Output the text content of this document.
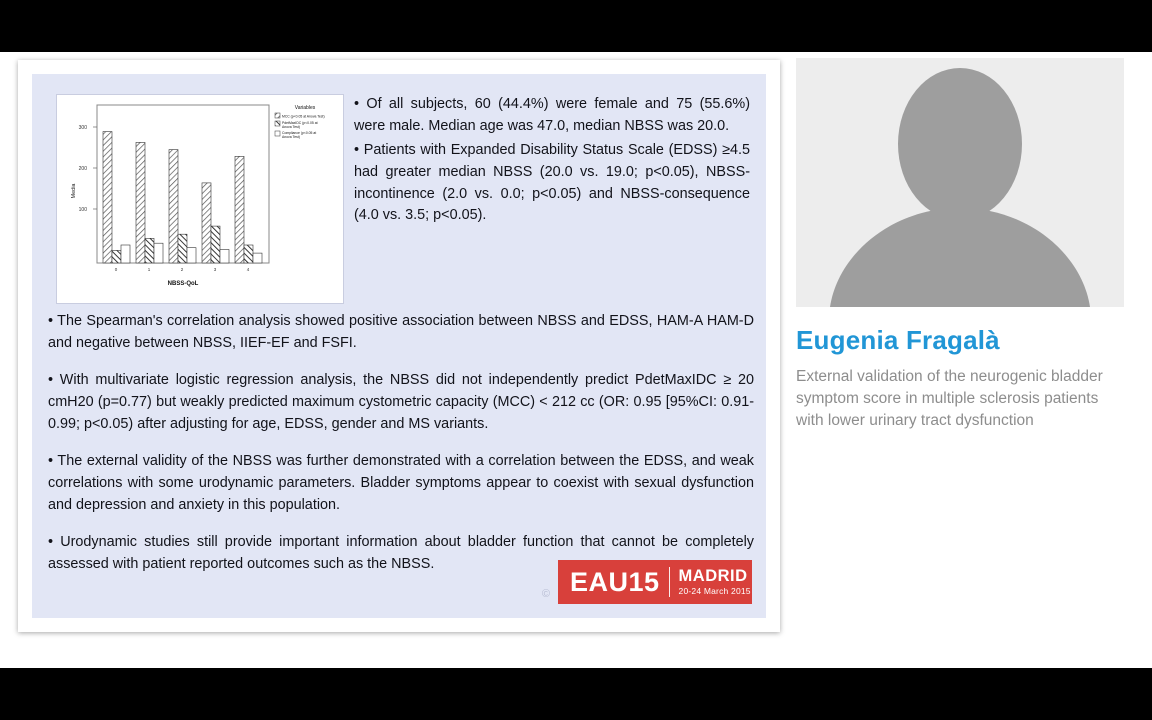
100
200
300
Media
0	1	2	3	4
NBSS-QoL
Variables
MCC (p<0.05 at Anova Test)
PdetMaxIDC (p<0.05 at
Anova Test)
Compliance (p<0.05 at
Anova Test)

• Of all subjects, 60 (44.4%) were female and 75 (55.6%) were male. Median age was 47.0, median NBSS was 20.0.

• Patients with Expanded Disability Status Scale (EDSS) ≥4.5 had greater median NBSS (20.0 vs. 19.0; p<0.05), NBSS-incontinence (2.0 vs. 0.0; p<0.05) and NBSS-consequence (4.0 vs. 3.5; p<0.05).

• The Spearman's correlation analysis showed positive association between NBSS and EDSS, HAM-A HAM-D and negative between NBSS, IIEF-EF and FSFI.

• With multivariate logistic regression analysis, the NBSS did not independently predict PdetMaxIDC ≥ 20 cmH20 (p=0.77) but weakly predicted maximum cystometric capacity (MCC) < 212 cc (OR: 0.95 [95%CI: 0.91-0.99; p<0.05) after adjusting for age, EDSS, gender and MS variants.

• The external validity of the NBSS was further demonstrated with a correlation between the EDSS, and weak correlations with some urodynamic parameters. Bladder symptoms appear to coexist with sexual dysfunction and depression and anxiety in this population.

• Urodynamic studies still provide important information about bladder function that cannot be completely assessed with patient reported outcomes such as the NBSS.

© EAU15 MADRID
20-24 March 2015
Eugenia Fragalà
External validation of the neurogenic bladder symptom score in multiple sclerosis patients with lower urinary tract dysfunction
